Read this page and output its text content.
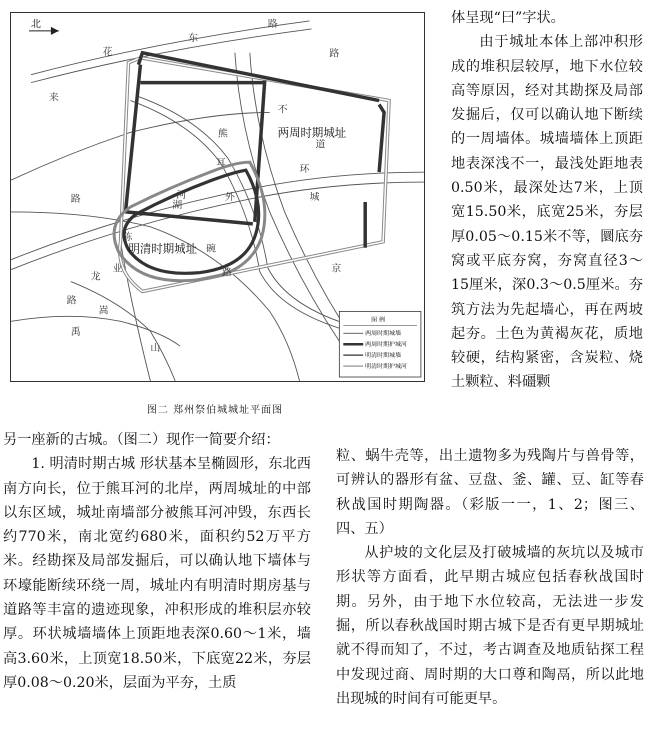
北
花
东
路
来
不
熊
耳
河	外
环
城
道
路
陈
湖
碗
龙
业
路
嵩
山
路
禹
路
京
两周时期城址
明清时期城址
图 例
两周时期城墙
两周时期护城河
明清时期城墙
明清时期护城河
图二 郑州祭伯城城址平面图

体呈现“曰”字状。

由于城址本体上部冲积形成的堆积层较厚，地下水位较高等原因，经对其勘探及局部发掘后，仅可以确认地下断续的一周墙体。城墙墙体上顶距地表深浅不一，最浅处距地表0.50米，最深处达7米，上顶宽15.50米，底宽25米，夯层厚0.05～0.15米不等，圜底夯窝或平底夯窝，夯窝直径3～15厘米，深0.3～0.5厘米。夯筑方法为先起墙心，再在两坡起夯。土色为黄褐灰花，质地较硬，结构紧密，含炭粒、烧土颗粒、料礓颗

另一座新的古城。（图二）现作一简要介绍：

1. 明清时期古城 形状基本呈椭圆形，东北西南方向长，位于熊耳河的北岸，两周城址的中部以东区域，城址南墙部分被熊耳河冲毁，东西长约770米，南北宽约680米，面积约52万平方米。经勘探及局部发掘后，可以确认地下墙体与环壕能断续环绕一周，城址内有明清时期房基与道路等丰富的遗迹现象，冲积形成的堆积层亦较厚。环状城墙墙体上顶距地表深0.60～1米，墙高3.60米，上顶宽18.50米，下底宽22米，夯层厚0.08～0.20米，层面为平夯，土质

粒、蜗牛壳等，出土遗物多为残陶片与兽骨等，可辨认的器形有盆、豆盘、釜、罐、豆、缸等春秋战国时期陶器。（彩版一一，1、2；图三、四、五）

从护坡的文化层及打破城墙的灰坑以及城市形状等方面看，此早期古城应包括春秋战国时期。另外，由于地下水位较高，无法进一步发掘，所以春秋战国时期古城下是否有更早期城址就不得而知了，不过，考古调查及地质钻探工程中发现过商、周时期的大口尊和陶鬲，所以此地出现城的时间有可能更早。
